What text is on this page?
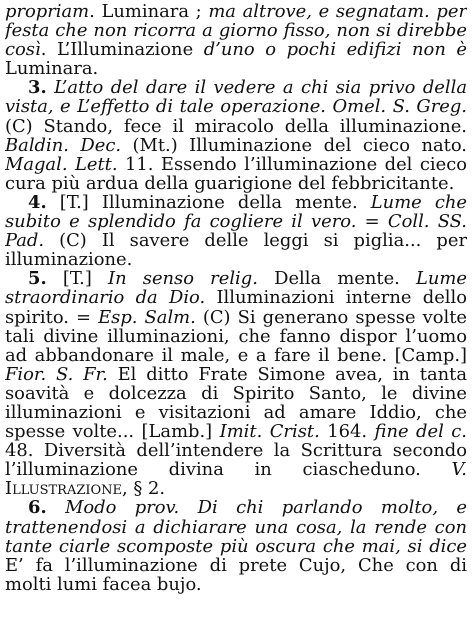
propriam. Luminara ; ma altrove, e segnatam. per festa che non ricorra a giorno fisso, non si direbbe così. L’Illuminazione d’uno o pochi edifizi non è Luminara.

3. L’atto del dare il vedere a chi sia privo della vista, e L’effetto di tale operazione. Omel. S. Greg. (C) Stando, fece il miracolo della illuminazione. Baldin. Dec. (Mt.) Illuminazione del cieco nato. Magal. Lett. 11. Essendo l’illuminazione del cieco cura più ardua della guarigione del febbricitante.

4. [T.] Illuminazione della mente. Lume che subito e splendido fa cogliere il vero. = Coll. SS. Pad. (C) Il savere delle leggi si piglia... per illuminazione.

5. [T.] In senso relig. Della mente. Lume straordinario da Dio. Illuminazioni interne dello spirito. = Esp. Salm. (C) Si generano spesse volte tali divine illuminazioni, che fanno dispor l’uomo ad abbandonare il male, e a fare il bene. [Camp.] Fior. S. Fr. El ditto Frate Simone avea, in tanta soavità e dolcezza di Spirito Santo, le divine illuminazioni e visitazioni ad amare Iddio, che spesse volte... [Lamb.] Imit. Crist. 164. fine del c. 48. Diversità dell’intendere la Scrittura secondo l’illuminazione divina in ciascheduno. V. Illustrazione, § 2.

6. Modo prov. Di chi parlando molto, e trattenendosi a dichiarare una cosa, la rende con tante ciarle scomposte più oscura che mai, si dice E’ fa l’illuminazione di prete Cujo, Che con di molti lumi facea bujo.
